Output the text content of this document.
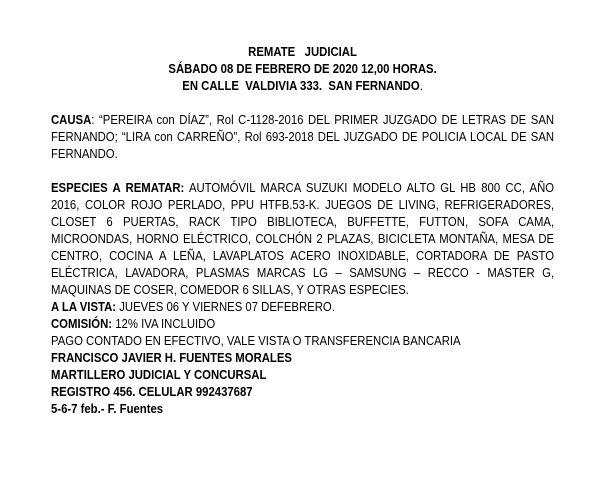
REMATE   JUDICIAL
SÁBADO 08 DE FEBRERO DE 2020 12,00 HORAS.
EN CALLE  VALDIVIA 333.  SAN FERNANDO.
CAUSA: “PEREIRA con DÍAZ”, Rol C-1128-2016 DEL PRIMER JUZGADO DE LETRAS DE SAN FERNANDO; “LIRA con CARREÑO”, Rol 693-2018 DEL JUZGADO DE POLICIA LOCAL DE SAN FERNANDO.
ESPECIES A REMATAR: AUTOMÓVIL MARCA SUZUKI MODELO ALTO GL HB 800 CC, AÑO 2016, COLOR ROJO PERLADO, PPU HTFB.53-K. JUEGOS DE LIVING, REFRIGERADORES, CLOSET 6 PUERTAS, RACK TIPO BIBLIOTECA, BUFFETTE, FUTTON, SOFA CAMA, MICROONDAS, HORNO ELÉCTRICO, COLCHÓN 2 PLAZAS, BICICLETA MONTAÑA, MESA DE CENTRO, COCINA A LEÑA, LAVAPLATOS ACERO INOXIDABLE, CORTADORA DE PASTO ELÉCTRICA, LAVADORA, PLASMAS MARCAS LG – SAMSUNG – RECCO - MASTER G, MAQUINAS DE COSER, COMEDOR 6 SILLAS, Y OTRAS ESPECIES.
A LA VISTA: JUEVES 06 Y VIERNES 07 DEFEBRERO.
COMISIÓN: 12% IVA INCLUIDO
PAGO CONTADO EN EFECTIVO, VALE VISTA O TRANSFERENCIA BANCARIA
FRANCISCO JAVIER H. FUENTES MORALES
MARTILLERO JUDICIAL Y CONCURSAL
REGISTRO 456. CELULAR 992437687
5-6-7 feb.- F. Fuentes
